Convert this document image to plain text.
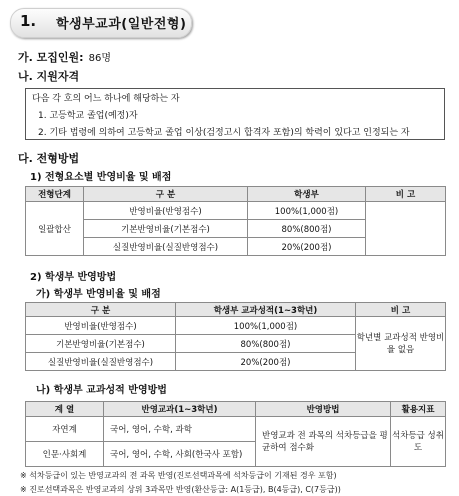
1. 학생부교과(일반전형)
가. 모집인원: 86명
나. 지원자격
다음 각 호의 어느 하나에 해당하는 자
1. 고등학교 졸업(예정)자
2. 기타 법령에 의하여 고등학교 졸업 이상(검정고시 합격자 포함)의 학력이 있다고 인정되는 자
다. 전형방법
1) 전형요소별 반영비율 및 배점
전형단계	구 분	학생부	비 고
일괄합산	반영비율(반영점수)	100%(1,000점)	
	기본반영비율(기본점수)	80%(800점)	
	실질반영비율(실질반영점수)	20%(200점)	
2) 학생부 반영방법
가) 학생부 반영비율 및 배점
구 분	학생부 교과성적(1~3학년)	비 고
반영비율(반영점수)	100%(1,000점)	학년별 교과성적 반영비율 없음
기본반영비율(기본점수)	80%(800점)	
실질반영비율(실질반영점수)	20%(200점)	
나) 학생부 교과성적 반영방법
계 열	반영교과(1~3학년)	반영방법	활용지표
자연계	국어, 영어, 수학, 과학	반영교과 전 과목의 석차등급을 평균하여 점수화	석차등급 성취도
인문·사회계	국어, 영어, 수학, 사회(한국사 포함)		
※ 석차등급이 있는 반영교과의 전 과목 반영(진로선택과목에 석차등급이 기재된 경우 포함)
※ 진로선택과목은 반영교과의 상위 3과목만 반영(환산등급: A(1등급), B(4등급), C(7등급))
